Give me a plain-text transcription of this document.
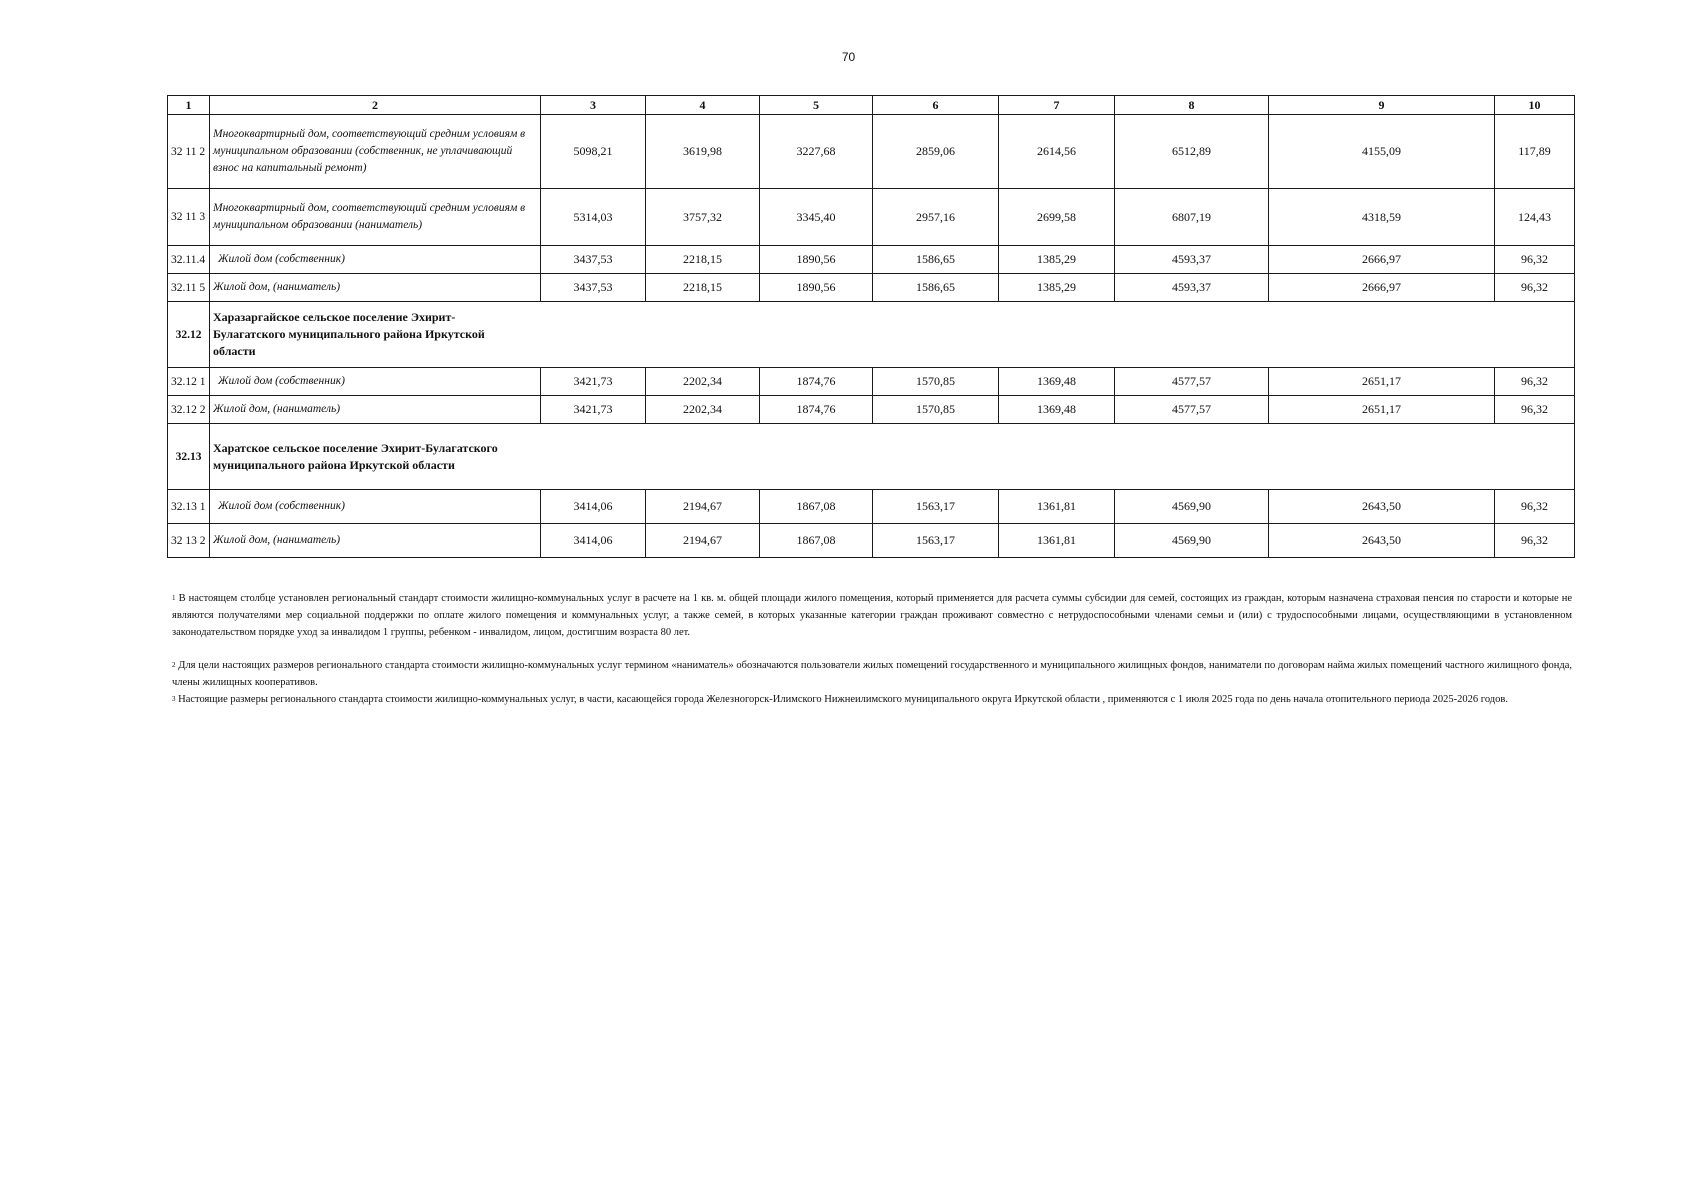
70
1	2	3	4	5	6	7	8	9	10
32 11 2	Многоквартирный дом, соответствующий средним условиям в муниципальном образовании (собственник, не уплачивающий взнос на капитальный ремонт)	5098,21	3619,98	3227,68	2859,06	2614,56	6512,89	4155,09	117,89
32 11 3	Многоквартирный дом, соответствующий средним условиям в муниципальном образовании (наниматель)	5314,03	3757,32	3345,40	2957,16	2699,58	6807,19	4318,59	124,43
32.11.4	Жилой дом (собственник)	3437,53	2218,15	1890,56	1586,65	1385,29	4593,37	2666,97	96,32
32.11 5	Жилой дом, (наниматель)	3437,53	2218,15	1890,56	1586,65	1385,29	4593,37	2666,97	96,32
32.12	Харазаргайское сельское поселение Эхирит-Булагатского муниципального района Иркутской области								

32.12 1	Жилой дом (собственник)	3421,73	2202,34	1874,76	1570,85	1369,48	4577,57	2651,17	96,32
32.12 2	Жилой дом, (наниматель)	3421,73	2202,34	1874,76	1570,85	1369,48	4577,57	2651,17	96,32
32.13	Харатское сельское поселение Эхирит-Булагатского муниципального района Иркутской области								

32.13 1	Жилой дом (собственник)	3414,06	2194,67	1867,08	1563,17	1361,81	4569,90	2643,50	96,32
32 13 2	Жилой дом, (наниматель)	3414,06	2194,67	1867,08	1563,17	1361,81	4569,90	2643,50	96,32

$^1$ В настоящем столбце установлен региональный стандарт стоимости жилищно-коммунальных услуг в расчете на 1 кв. м. общей площади жилого помещения, который применяется для расчета суммы субсидии для семей, состоящих из граждан, которым назначена страховая пенсия по старости и которые не являются получателями мер социальной поддержки по оплате жилого помещения и коммунальных услуг, а также семей, в которых указанные категории граждан проживают совместно с нетрудоспособными членами семьи и (или) с трудоспособными лицами, осуществляющими в установленном законодательством порядке уход за инвалидом 1 группы, ребенком - инвалидом, лицом, достигшим возраста 80 лет.

$^2$ Для цели настоящих размеров регионального стандарта стоимости жилищно-коммунальных услуг термином «наниматель» обозначаются пользователи жилых помещений государственного и муниципального жилищных фондов, наниматели по договорам найма жилых помещений частного жилищного фонда, члены жилищных кооперативов.

$^3$ Настоящие размеры регионального стандарта стоимости жилищно-коммунальных услуг, в части, касающейся города Железногорск-Илимского Нижнеилимского муниципального округа Иркутской области , применяются с 1 июля 2025 года по день начала отопительного периода 2025-2026 годов.
